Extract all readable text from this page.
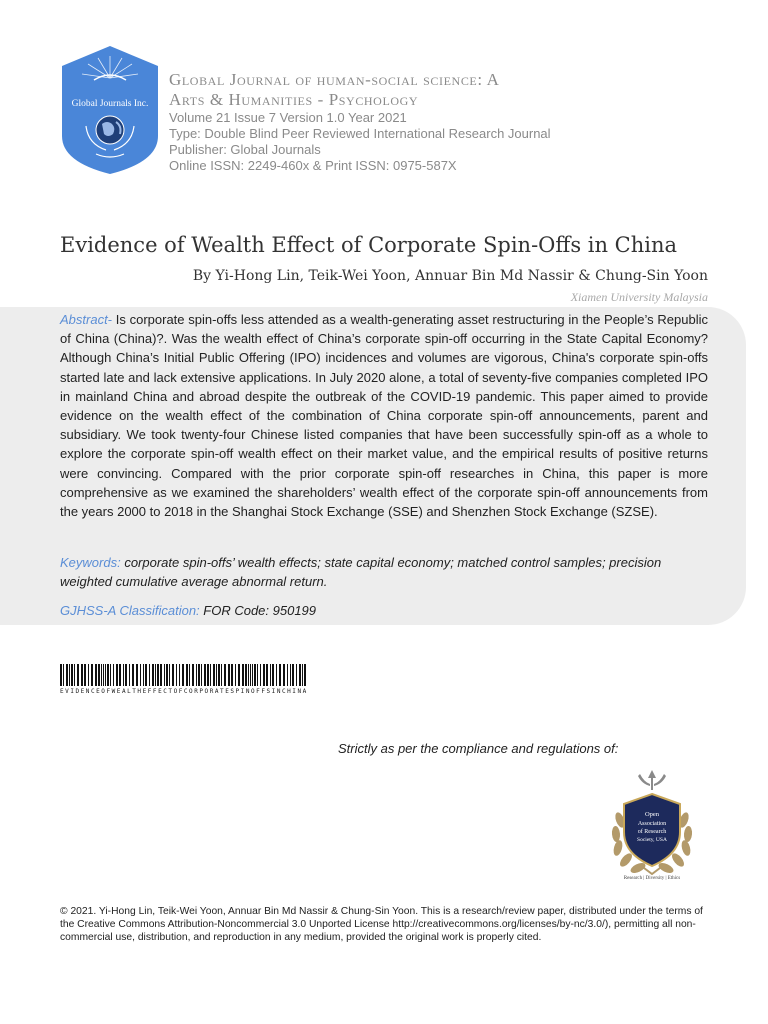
Global Journals Inc.
Global Journal of human-social science: A
Arts & Humanities - Psychology
Volume 21 Issue 7 Version 1.0 Year 2021
Type: Double Blind Peer Reviewed International Research Journal
Publisher: Global Journals
Online ISSN: 2249-460x & Print ISSN: 0975-587X
Evidence of Wealth Effect of Corporate Spin-Offs in China
By Yi-Hong Lin, Teik-Wei Yoon, Annuar Bin Md Nassir & Chung-Sin Yoon
Xiamen University Malaysia
Abstract- Is corporate spin-offs less attended as a wealth-generating asset restructuring in the People’s Republic of China (China)?. Was the wealth effect of China’s corporate spin-off occurring in the State Capital Economy? Although China’s Initial Public Offering (IPO) incidences and volumes are vigorous, China's corporate spin-offs started late and lack extensive applications. In July 2020 alone, a total of seventy-five companies completed IPO in mainland China and abroad despite the outbreak of the COVID-19 pandemic. This paper aimed to provide evidence on the wealth effect of the combination of China corporate spin-off announcements, parent and subsidiary. We took twenty-four Chinese listed companies that have been successfully spin-off as a whole to explore the corporate spin-off wealth effect on their market value, and the empirical results of positive returns were convincing. Compared with the prior corporate spin-off researches in China, this paper is more comprehensive as we examined the shareholders’ wealth effect of the corporate spin-off announcements from the years 2000 to 2018 in the Shanghai Stock Exchange (SSE) and Shenzhen Stock Exchange (SZSE).
Keywords: corporate spin-offs’ wealth effects; state capital economy; matched control samples; precision weighted cumulative average abnormal return.
GJHSS-A Classification: FOR Code: 950199
EVIDENCEOFWEALTHEFFECTOFCORPORATESPINOFFSINCHINA
Strictly as per the compliance and regulations of:
Open
Association
of Research
Society, USA
Research | Diversity | Ethics
© 2021. Yi-Hong Lin, Teik-Wei Yoon, Annuar Bin Md Nassir & Chung-Sin Yoon. This is a research/review paper, distributed under the terms of the Creative Commons Attribution-Noncommercial 3.0 Unported License http://creativecommons.org/licenses/by-nc/3.0/), permitting all non-commercial use, distribution, and reproduction in any medium, provided the original work is properly cited.
